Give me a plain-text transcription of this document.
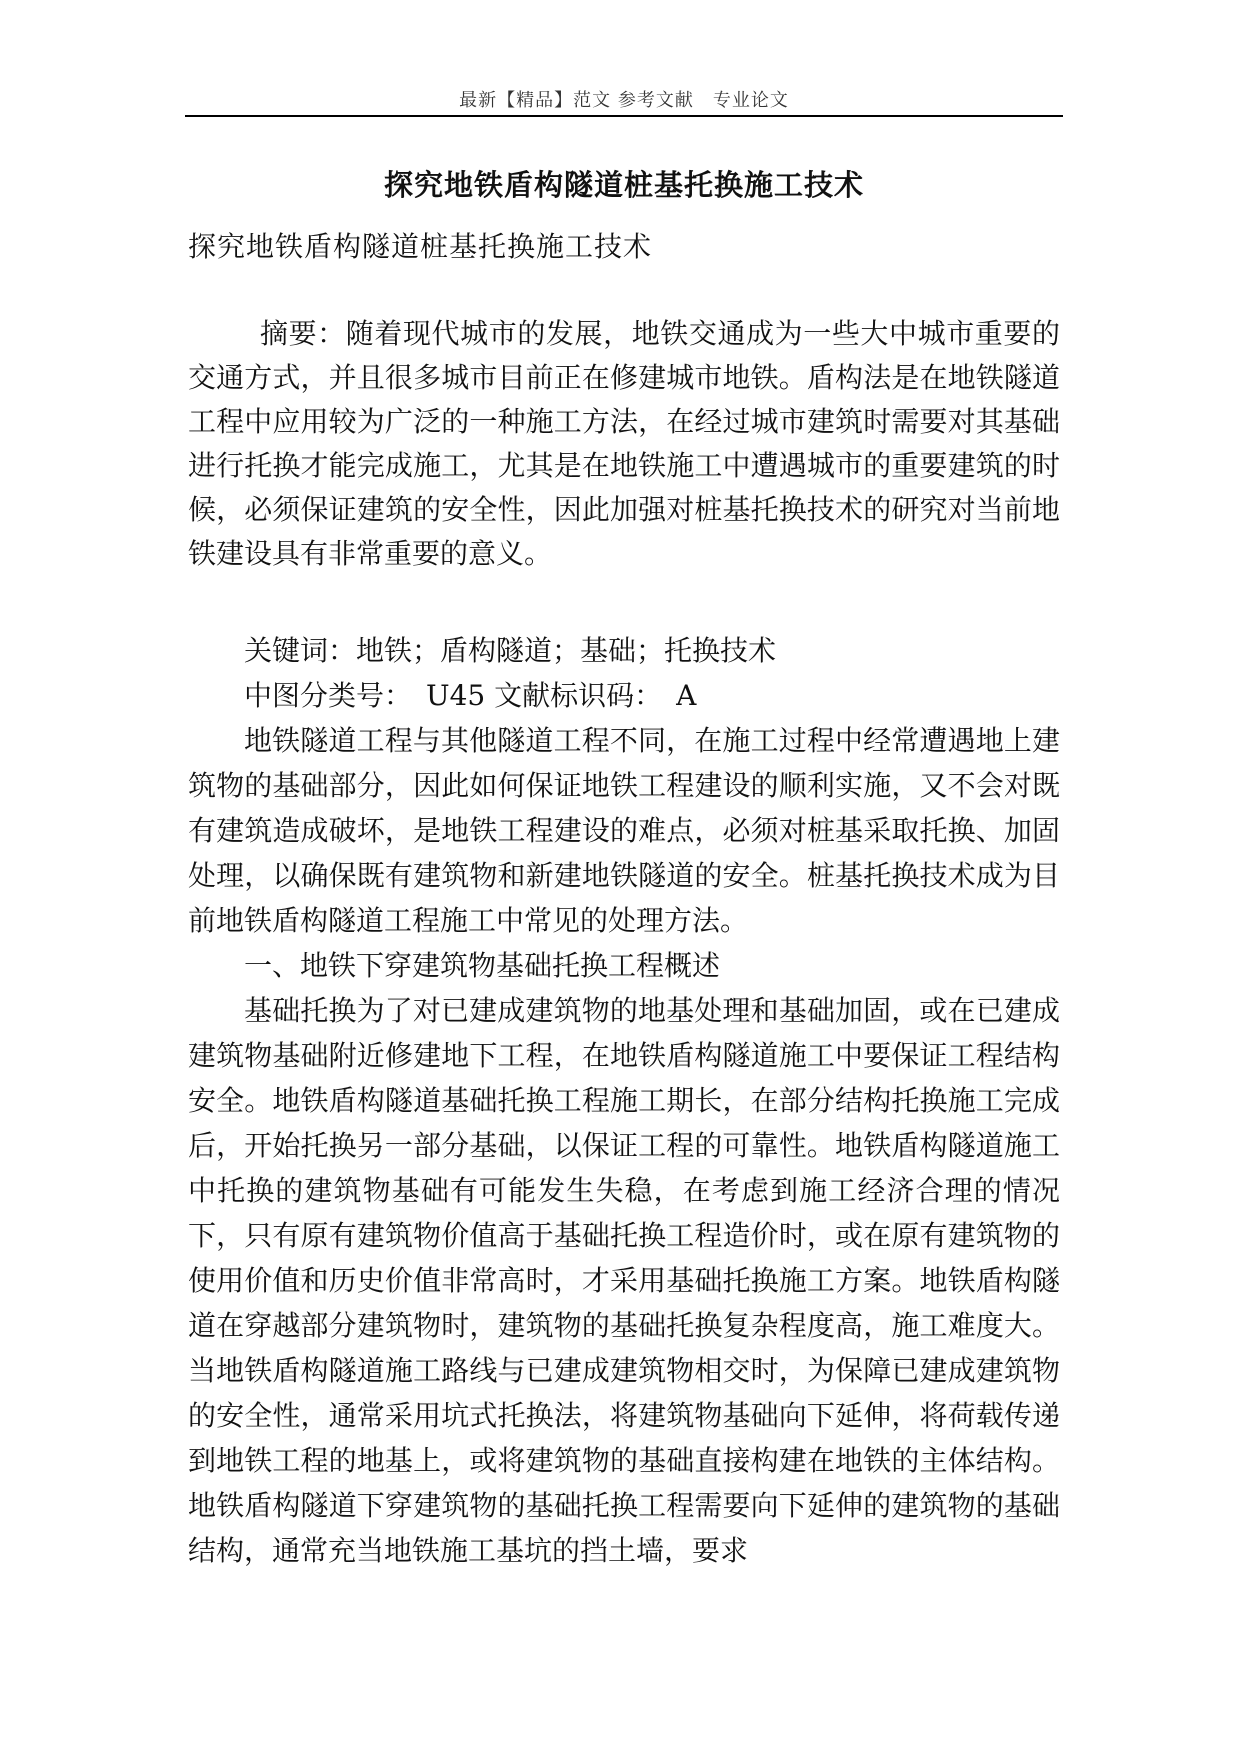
最新【精品】范文 参考文献　专业论文
探究地铁盾构隧道桩基托换施工技术
探究地铁盾构隧道桩基托换施工技术

摘要：随着现代城市的发展，地铁交通成为一些大中城市重要的交通方式，并且很多城市目前正在修建城市地铁。盾构法是在地铁隧道工程中应用较为广泛的一种施工方法，在经过城市建筑时需要对其基础进行托换才能完成施工，尤其是在地铁施工中遭遇城市的重要建筑的时候，必须保证建筑的安全性，因此加强对桩基托换技术的研究对当前地铁建设具有非常重要的意义。

关键词：地铁；盾构隧道；基础；托换技术

中图分类号：　U45 文献标识码：　A

地铁隧道工程与其他隧道工程不同，在施工过程中经常遭遇地上建筑物的基础部分，因此如何保证地铁工程建设的顺利实施，又不会对既有建筑造成破坏，是地铁工程建设的难点，必须对桩基采取托换、加固处理，以确保既有建筑物和新建地铁隧道的安全。桩基托换技术成为目前地铁盾构隧道工程施工中常见的处理方法。

一、地铁下穿建筑物基础托换工程概述

基础托换为了对已建成建筑物的地基处理和基础加固，或在已建成建筑物基础附近修建地下工程，在地铁盾构隧道施工中要保证工程结构安全。地铁盾构隧道基础托换工程施工期长，在部分结构托换施工完成后，开始托换另一部分基础，以保证工程的可靠性。地铁盾构隧道施工中托换的建筑物基础有可能发生失稳，在考虑到施工经济合理的情况下，只有原有建筑物价值高于基础托换工程造价时，或在原有建筑物的使用价值和历史价值非常高时，才采用基础托换施工方案。地铁盾构隧道在穿越部分建筑物时，建筑物的基础托换复杂程度高，施工难度大。当地铁盾构隧道施工路线与已建成建筑物相交时，为保障已建成建筑物的安全性，通常采用坑式托换法，将建筑物基础向下延伸，将荷载传递到地铁工程的地基上，或将建筑物的基础直接构建在地铁的主体结构。地铁盾构隧道下穿建筑物的基础托换工程需要向下延伸的建筑物的基础结构，通常充当地铁施工基坑的挡土墙，要求
